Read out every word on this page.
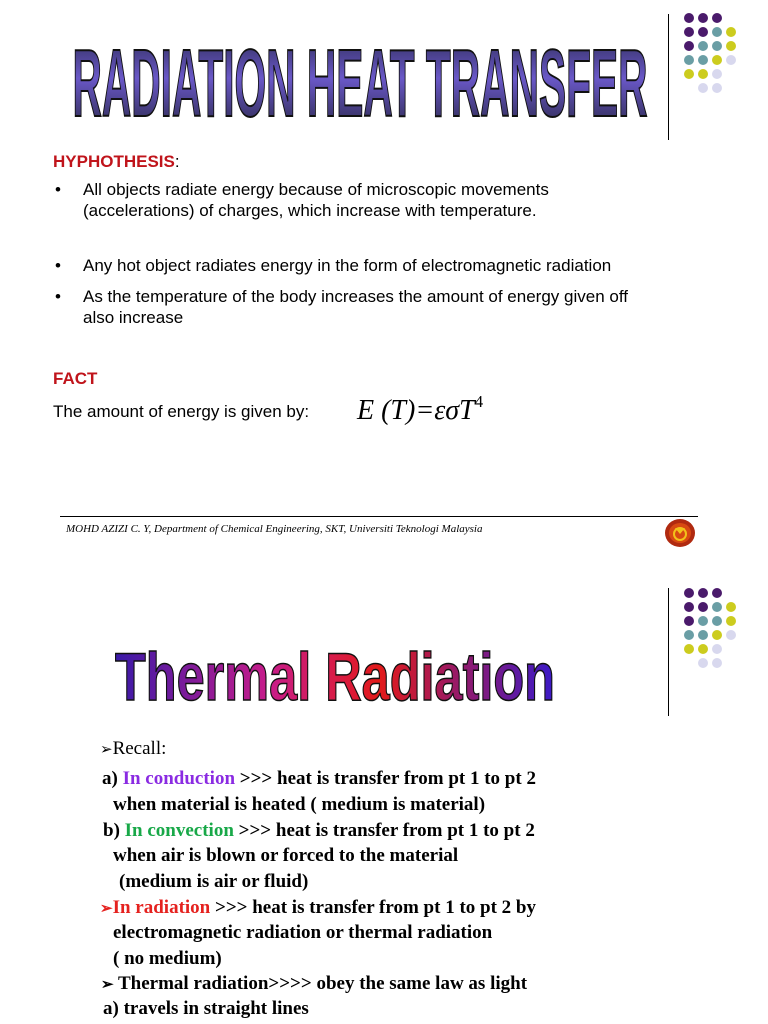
RADIATION HEAT TRANSFER
HYPHOTHESIS:
•	All objects radiate energy because of microscopic movements
(accelerations) of charges, which increase with temperature.
•	Any hot object radiates energy in the form of electromagnetic radiation
•	As the temperature of the body increases the amount of energy given off
also increase
FACT
The amount of energy is given by: E (T)=εσT$^4$
MOHD AZIZI C. Y, Department of Chemical Engineering, SKT, Universiti Teknologi Malaysia
Thermal Radiation
➢Recall:
a) In conduction >>> heat is transfer from pt 1 to pt 2
when material is heated ( medium is material)
b) In convection >>> heat is transfer from pt 1 to pt 2
when air is blown or forced to the material
(medium is air or fluid)
➢In radiation >>> heat is transfer from pt 1 to pt 2 by
electromagnetic radiation or thermal radiation
( no medium)
➢ Thermal radiation>>>> obey the same law as light
a) travels in straight lines
